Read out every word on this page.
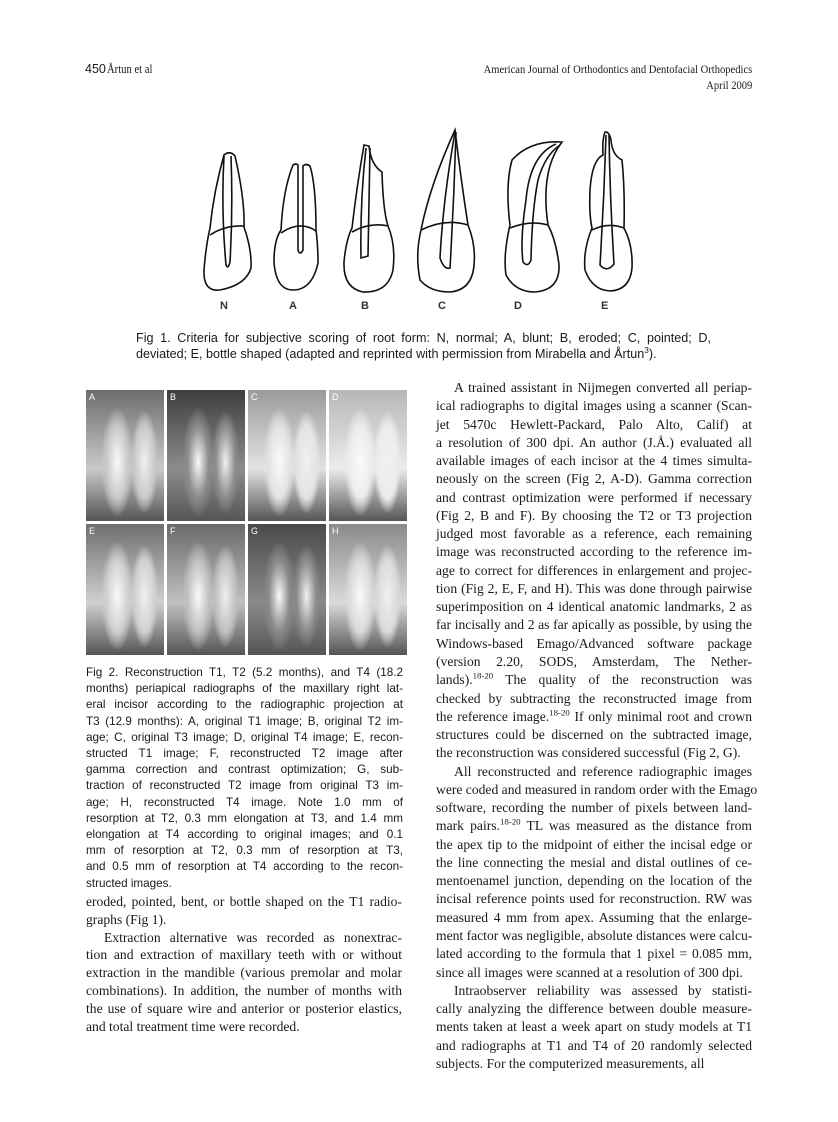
450 Årtun et al	American Journal of Orthodontics and Dentofacial Orthopedics
April 2009
N	A	B	C	D	E
Fig 1. Criteria for subjective scoring of root form: N, normal; A, blunt; B, eroded; C, pointed; D,
deviated; E, bottle shaped (adapted and reprinted with permission from Mirabella and Årtun$^3$).
A	B	C	D
E	F	G	H
Fig 2. Reconstruction T1, T2 (5.2 months), and T4 (18.2
months) periapical radiographs of the maxillary right lat-
eral incisor according to the radiographic projection at
T3 (12.9 months): A, original T1 image; B, original T2 im-
age; C, original T3 image; D, original T4 image; E, recon-
structed T1 image; F, reconstructed T2 image after
gamma correction and contrast optimization; G, sub-
traction of reconstructed T2 image from original T3 im-
age; H, reconstructed T4 image. Note 1.0 mm of
resorption at T2, 0.3 mm elongation at T3, and 1.4 mm
elongation at T4 according to original images; and 0.1
mm of resorption at T2, 0.3 mm of resorption at T3,
and 0.5 mm of resorption at T4 according to the recon-
structed images.
eroded, pointed, bent, or bottle shaped on the T1 radio-
graphs (Fig 1).
Extraction alternative was recorded as nonextrac-
tion and extraction of maxillary teeth with or without
extraction in the mandible (various premolar and molar
combinations). In addition, the number of months with
the use of square wire and anterior or posterior elastics,
and total treatment time were recorded.
A trained assistant in Nijmegen converted all periap-
ical radiographs to digital images using a scanner (Scan-
jet 5470c Hewlett-Packard, Palo Alto, Calif) at
a resolution of 300 dpi. An author (J.Å.) evaluated all
available images of each incisor at the 4 times simulta-
neously on the screen (Fig 2, A-D). Gamma correction
and contrast optimization were performed if necessary
(Fig 2, B and F). By choosing the T2 or T3 projection
judged most favorable as a reference, each remaining
image was reconstructed according to the reference im-
age to correct for differences in enlargement and projec-
tion (Fig 2, E, F, and H). This was done through pairwise
superimposition on 4 identical anatomic landmarks, 2 as
far incisally and 2 as far apically as possible, by using the
Windows-based Emago/Advanced software package
(version 2.20, SODS, Amsterdam, The Nether-
lands).$^{18-20}$ The quality of the reconstruction was
checked by subtracting the reconstructed image from
the reference image.$^{18-20}$ If only minimal root and crown
structures could be discerned on the subtracted image,
the reconstruction was considered successful (Fig 2, G).
All reconstructed and reference radiographic images
were coded and measured in random order with the Emago
software, recording the number of pixels between land-
mark pairs.$^{18-20}$ TL was measured as the distance from
the apex tip to the midpoint of either the incisal edge or
the line connecting the mesial and distal outlines of ce-
mentoenamel junction, depending on the location of the
incisal reference points used for reconstruction. RW was
measured 4 mm from apex. Assuming that the enlarge-
ment factor was negligible, absolute distances were calcu-
lated according to the formula that 1 pixel = 0.085 mm,
since all images were scanned at a resolution of 300 dpi.
Intraobserver reliability was assessed by statisti-
cally analyzing the difference between double measure-
ments taken at least a week apart on study models at T1
and radiographs at T1 and T4 of 20 randomly selected
subjects. For the computerized measurements, all
